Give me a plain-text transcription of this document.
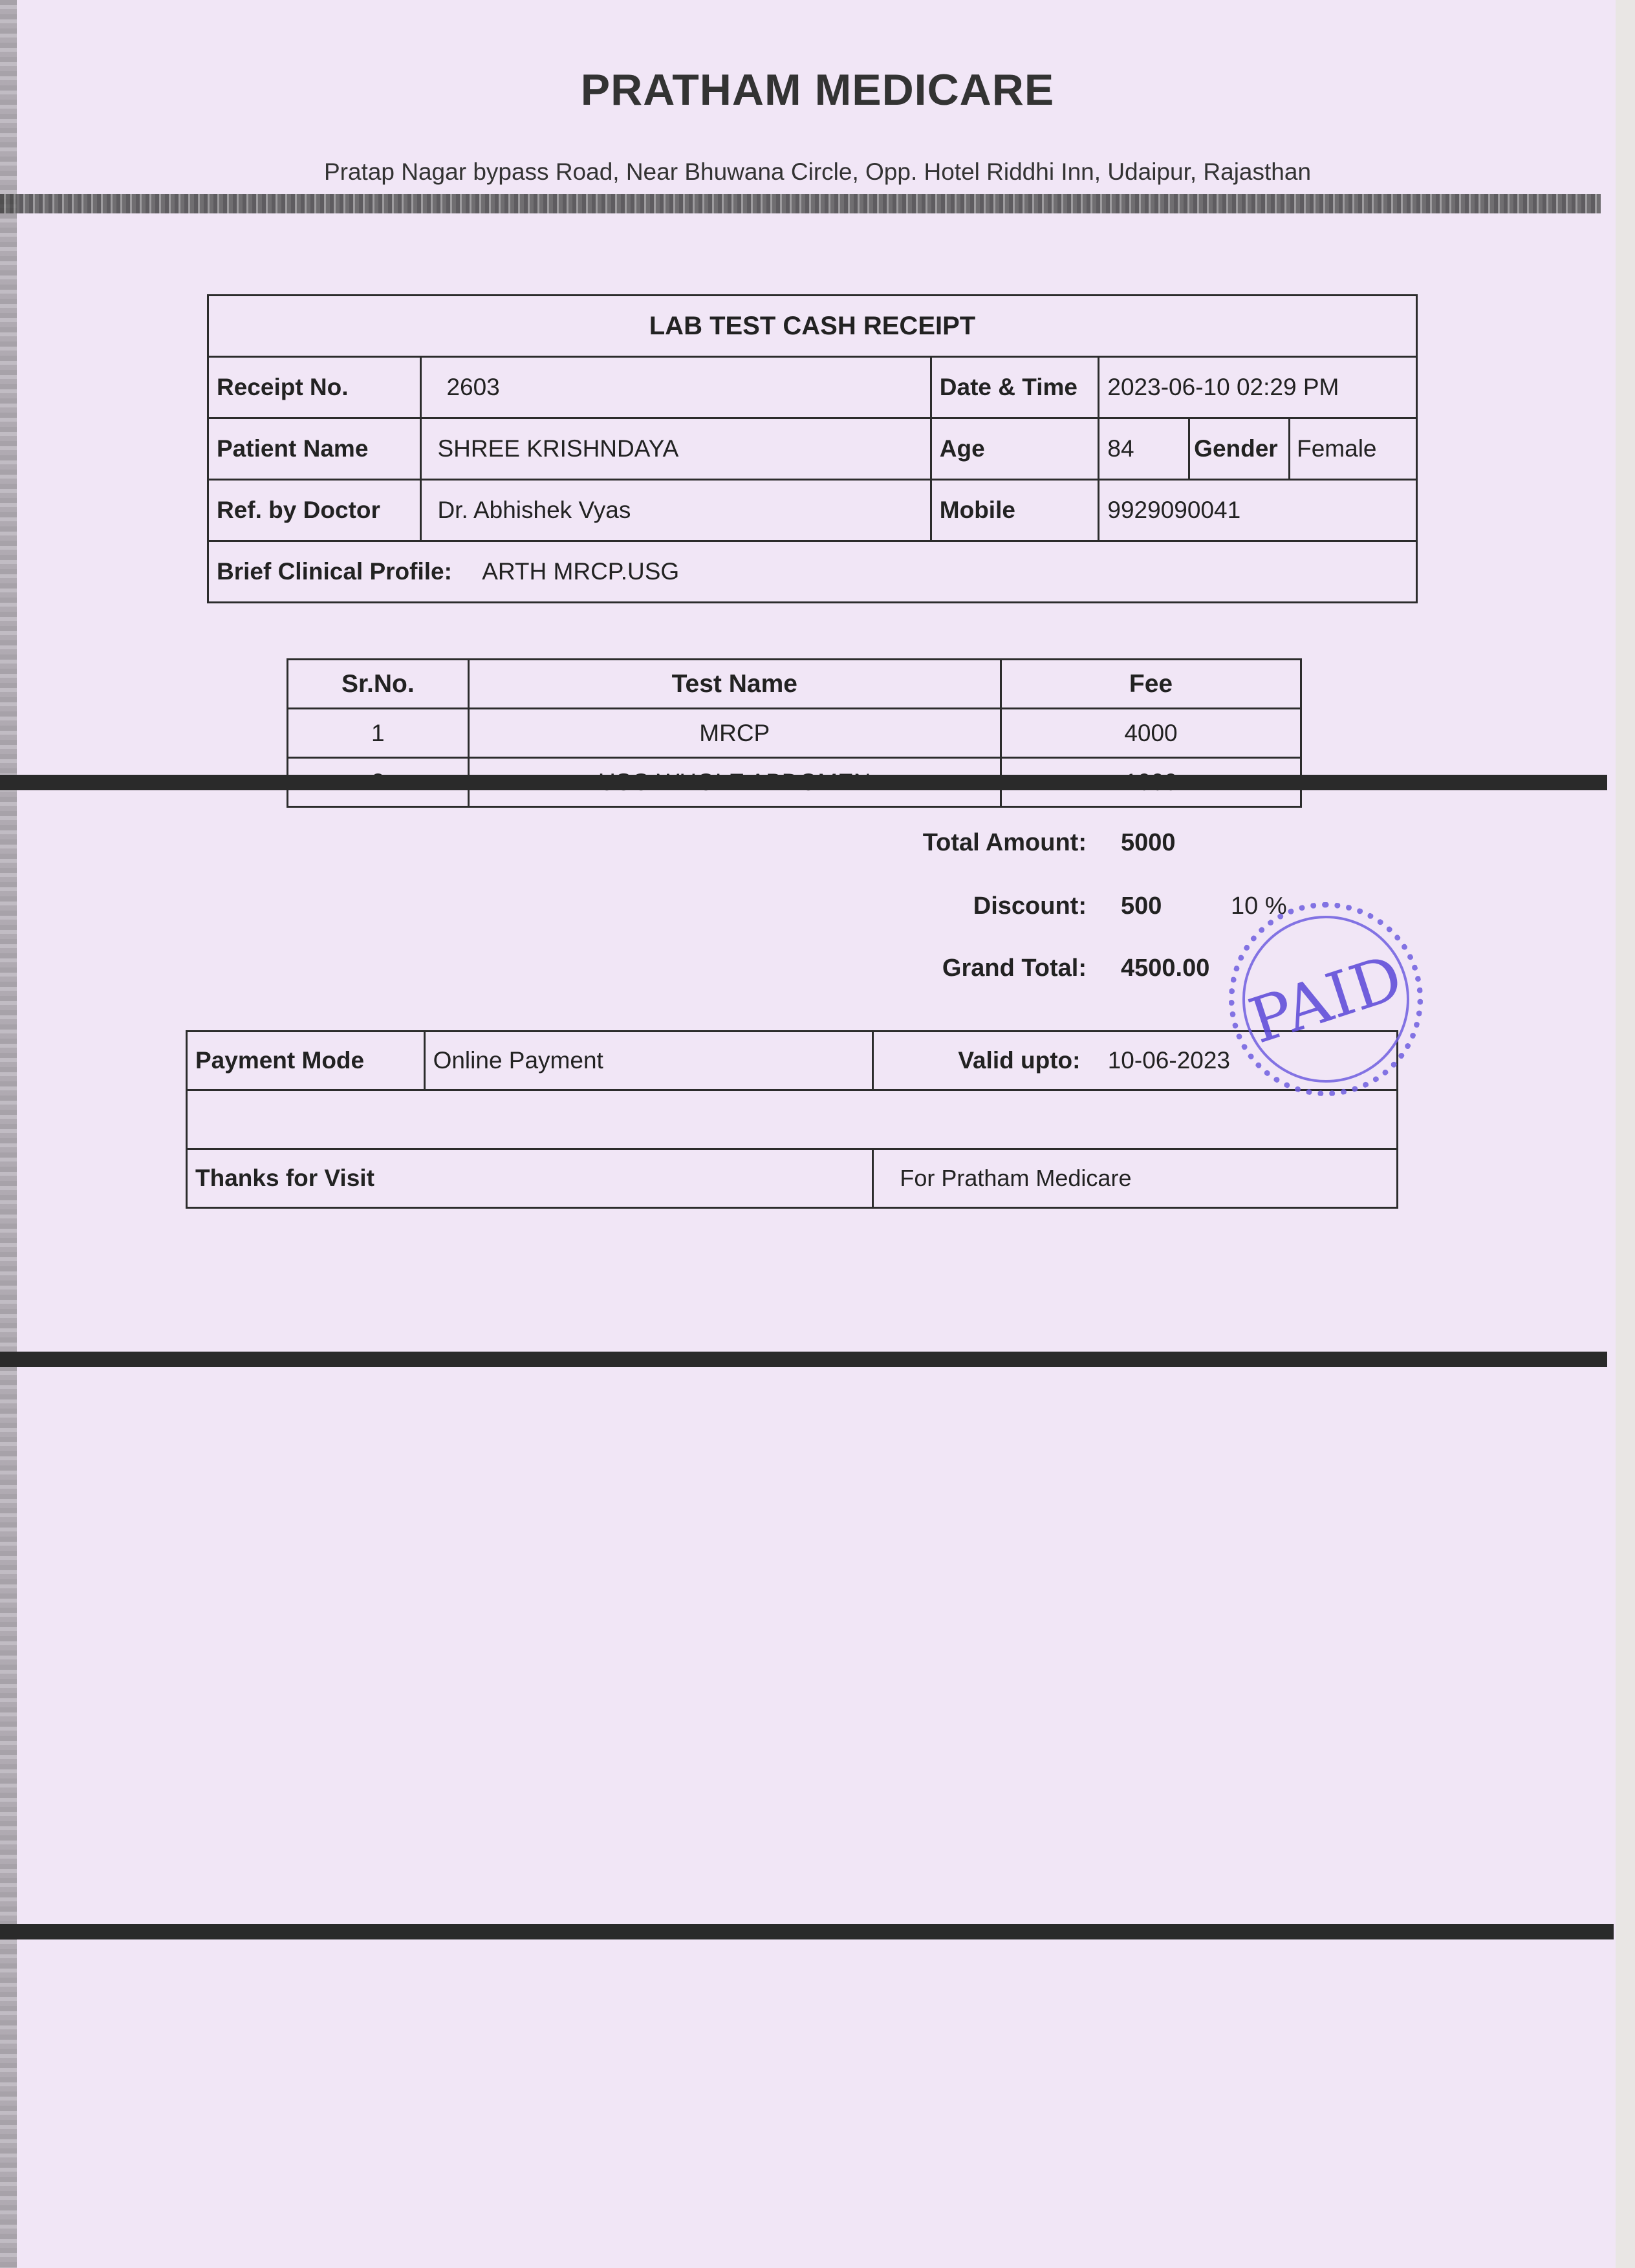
PRATHAM MEDICARE
Pratap Nagar bypass Road, Near Bhuwana Circle, Opp. Hotel Riddhi Inn, Udaipur, Rajasthan
LAB TEST CASH RECEIPT					
Receipt No.	2603	Date & Time	2023-06-10 02:29 PM		
Patient Name	SHREE KRISHNDAYA	Age	84	Gender	Female
Ref. by Doctor	Dr. Abhishek Vyas	Mobile	9929090041		
Brief Clinical Profile: ARTH MRCP.USG					
Sr.No.	Test Name	Fee
1	MRCP	4000

Total Amount: 5000
Discount: 500	10 %
Grand Total: 4500.00
Payment Mode	Online Payment	Valid upto: 10-06-2023

Thanks for Visit		For Pratham Medicare
PAID
